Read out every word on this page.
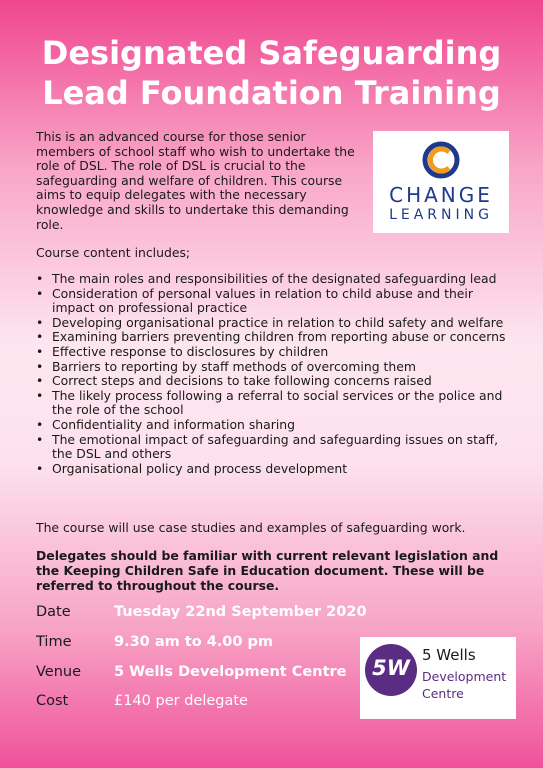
Designated Safeguarding
Lead Foundation Training

This is an advanced course for those senior members of school staff who wish to undertake the role of DSL. The role of DSL is crucial to the safeguarding and welfare of children. This course aims to equip delegates with the necessary knowledge and skills to undertake this demanding role.

CHANGE
LEARNING

Course content includes;

• The main roles and responsibilities of the designated safeguarding lead
• Consideration of personal values in relation to child abuse and their impact on professional practice
• Developing organisational practice in relation to child safety and welfare
• Examining barriers preventing children from reporting abuse or concerns
• Effective response to disclosures by children
• Barriers to reporting by staff methods of overcoming them
• Correct steps and decisions to take following concerns raised
• The likely process following a referral to social services or the police and the role of the school
• Confidentiality and information sharing
• The emotional impact of safeguarding and safeguarding issues on staff, the DSL and others
• Organisational policy and process development

The course will use case studies and examples of safeguarding work.

Delegates should be familiar with current relevant legislation and the Keeping Children Safe in Education document. These will be referred to throughout the course.

Date	Tuesday 22nd September 2020
Time	9.30 am to 4.00 pm
Venue 5 Wells Development Centre
Cost	£140 per delegate
5W
5 Wells
Development
Centre
